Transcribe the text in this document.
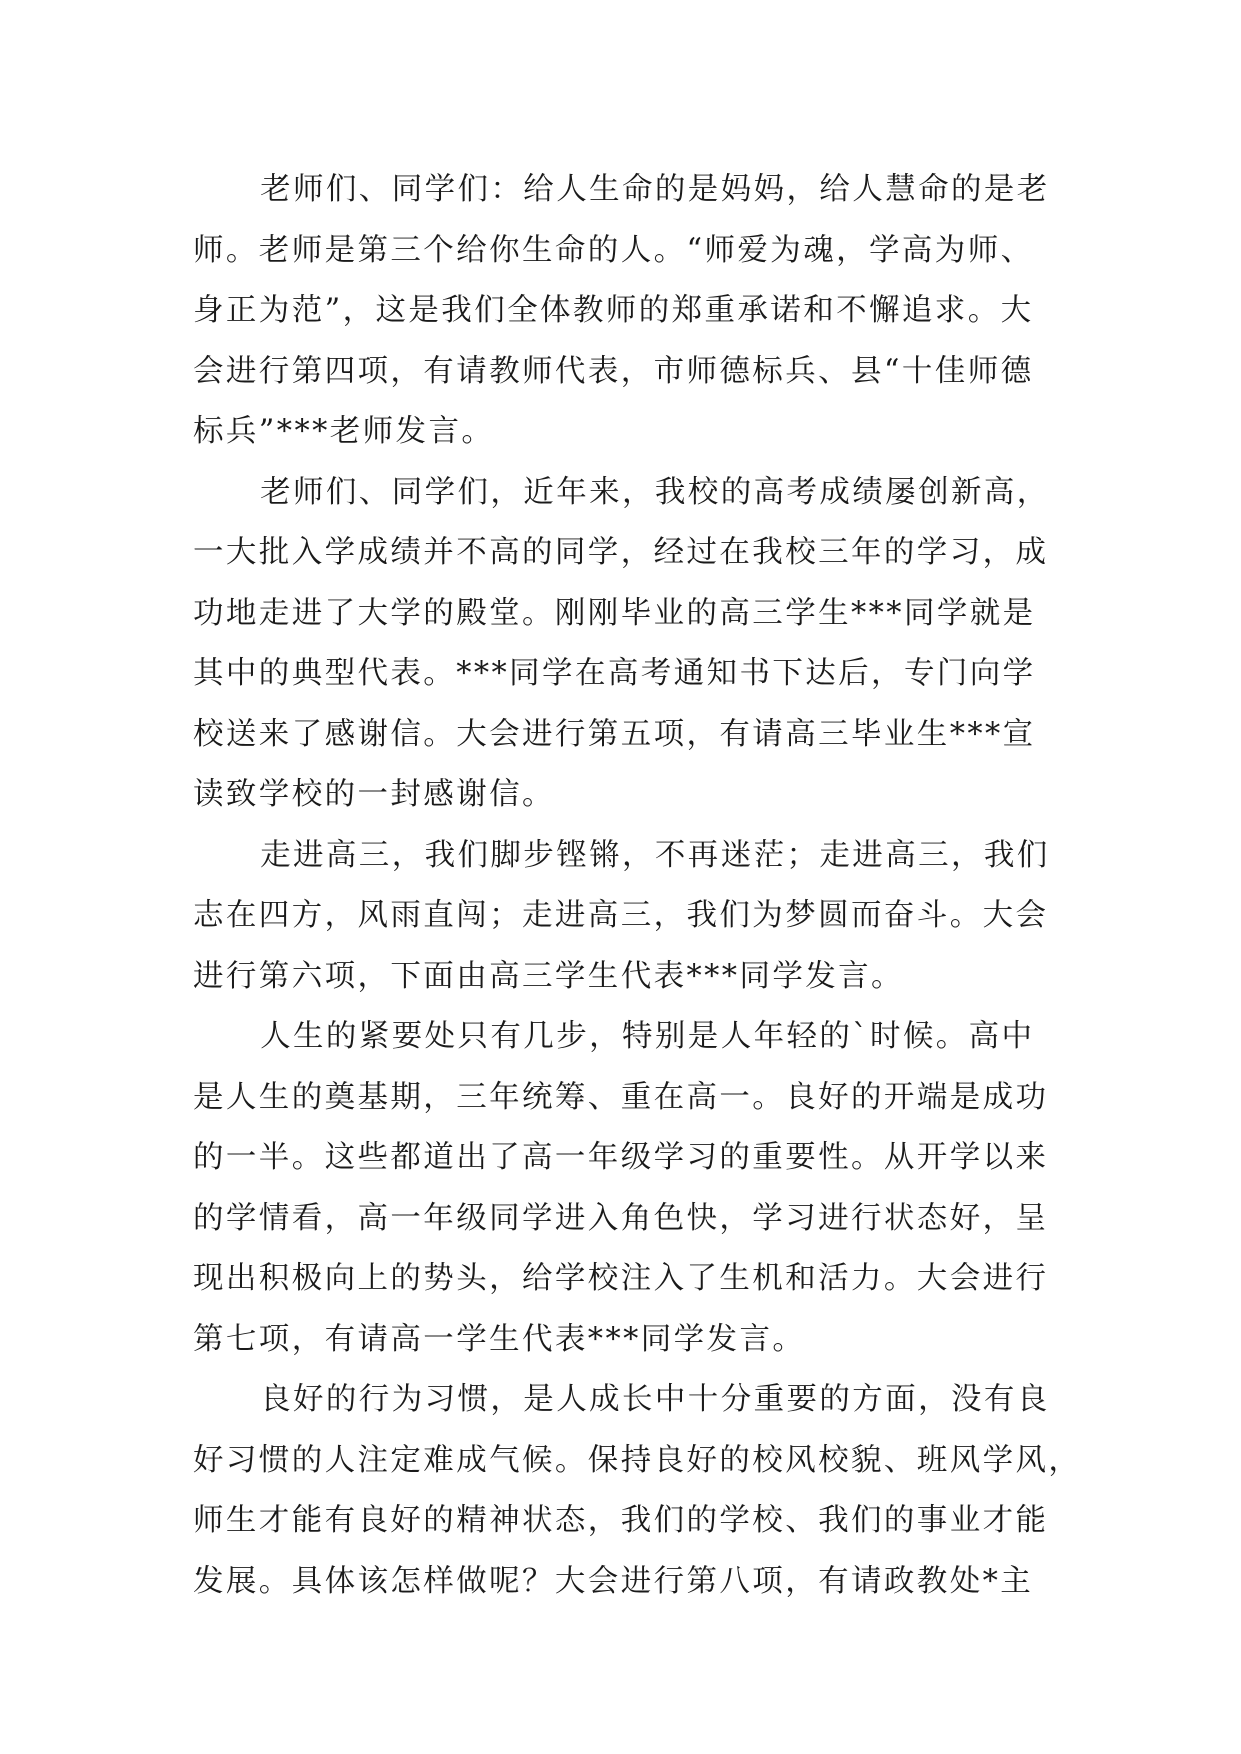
老师们、同学们：给人生命的是妈妈，给人慧命的是老
师。老师是第三个给你生命的人。“师爱为魂，学高为师、
身正为范”，这是我们全体教师的郑重承诺和不懈追求。大
会进行第四项，有请教师代表，市师德标兵、县“十佳师德
标兵”***老师发言。

老师们、同学们，近年来，我校的高考成绩屡创新高，
一大批入学成绩并不高的同学，经过在我校三年的学习，成
功地走进了大学的殿堂。刚刚毕业的高三学生***同学就是
其中的典型代表。***同学在高考通知书下达后，专门向学
校送来了感谢信。大会进行第五项，有请高三毕业生***宣
读致学校的一封感谢信。

走进高三，我们脚步铿锵，不再迷茫；走进高三，我们
志在四方，风雨直闯；走进高三，我们为梦圆而奋斗。大会
进行第六项，下面由高三学生代表***同学发言。

人生的紧要处只有几步，特别是人年轻的`时候。高中
是人生的奠基期，三年统筹、重在高一。良好的开端是成功
的一半。这些都道出了高一年级学习的重要性。从开学以来
的学情看，高一年级同学进入角色快，学习进行状态好，呈
现出积极向上的势头，给学校注入了生机和活力。大会进行
第七项，有请高一学生代表***同学发言。

良好的行为习惯，是人成长中十分重要的方面，没有良
好习惯的人注定难成气候。保持良好的校风校貌、班风学风，
师生才能有良好的精神状态，我们的学校、我们的事业才能
发展。具体该怎样做呢？大会进行第八项，有请政教处*主
